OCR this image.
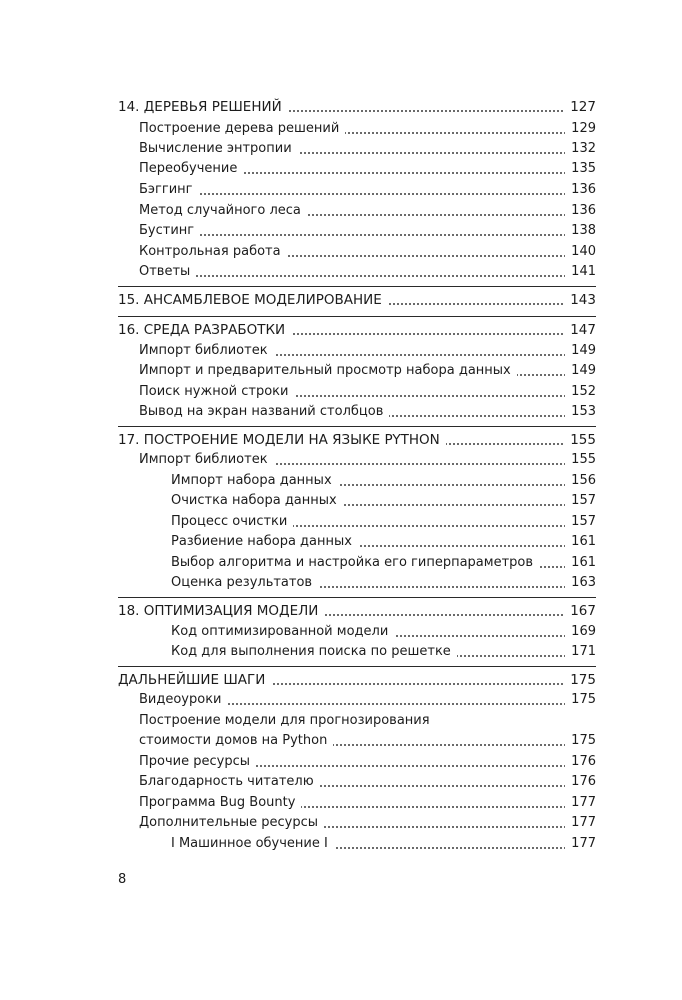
14. ДЕРЕВЬЯ РЕШЕНИЙ	127
Построение дерева решений	129
Вычисление энтропии	132
Переобучение	135
Бэггинг	136
Метод случайного леса	136
Бустинг	138
Контрольная работа	140
Ответы	141
15. АНСАМБЛЕВОЕ МОДЕЛИРОВАНИЕ	143
16. СРЕДА РАЗРАБОТКИ	147
Импорт библиотек	149
Импорт и предварительный просмотр набора данных	149
Поиск нужной строки	152
Вывод на экран названий столбцов	153
17. ПОСТРОЕНИЕ МОДЕЛИ НА ЯЗЫКЕ PYTHON	155
Импорт библиотек	155
Импорт набора данных	156
Очистка набора данных	157
Процесс очистки	157
Разбиение набора данных	161
Выбор алгоритма и настройка его гиперпараметров	161
Оценка результатов	163
18. ОПТИМИЗАЦИЯ МОДЕЛИ	167
Код оптимизированной модели	169
Код для выполнения поиска по решетке	171
ДАЛЬНЕЙШИЕ ШАГИ	175
Видеоуроки	175
Построение модели для прогнозирования
стоимости домов на Python	175
Прочие ресурсы	176
Благодарность читателю	176
Программа Bug Bounty	177
Дополнительные ресурсы	177
I Машинное обучение I	177
8
